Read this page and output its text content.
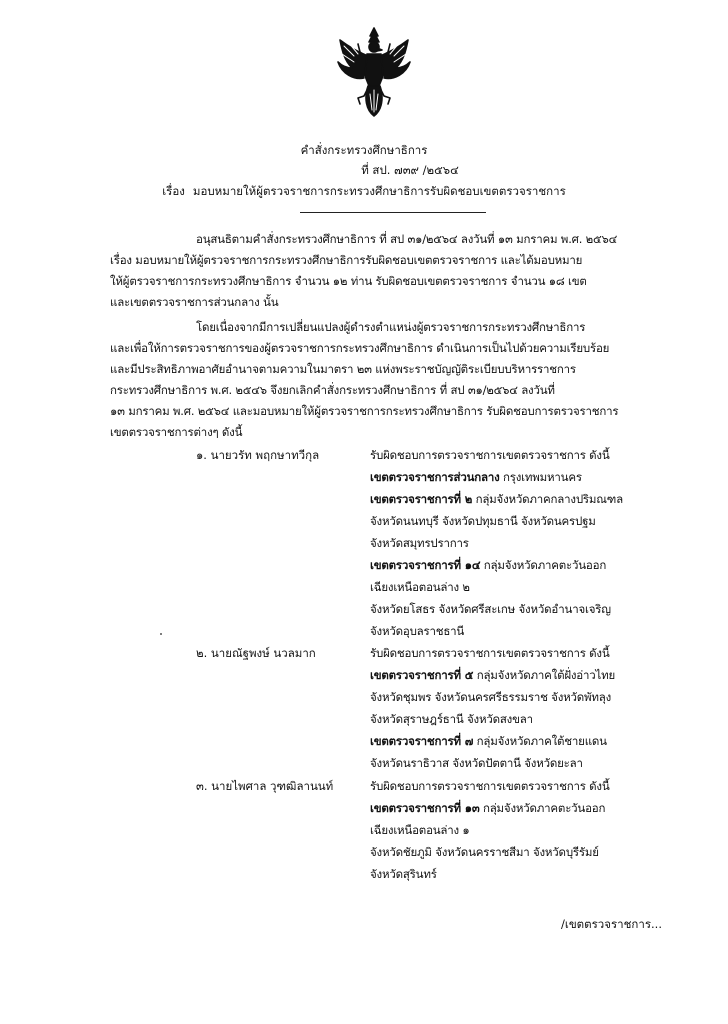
คำสั่งกระทรวงศึกษาธิการ
ที่ สป. ๗๓๙ /๒๕๖๔
เรื่อง มอบหมายให้ผู้ตรวจราชการกระทรวงศึกษาธิการรับผิดชอบเขตตรวจราชการ
อนุสนธิตามคำสั่งกระทรวงศึกษาธิการ ที่ สป ๓๑/๒๕๖๔ ลงวันที่ ๑๓ มกราคม พ.ศ. ๒๕๖๔
เรื่อง มอบหมายให้ผู้ตรวจราชการกระทรวงศึกษาธิการรับผิดชอบเขตตรวจราชการ และได้มอบหมาย
ให้ผู้ตรวจราชการกระทรวงศึกษาธิการ จำนวน ๑๒ ท่าน รับผิดชอบเขตตรวจราชการ จำนวน ๑๘ เขต
และเขตตรวจราชการส่วนกลาง นั้น
โดยเนื่องจากมีการเปลี่ยนแปลงผู้ดำรงตำแหน่งผู้ตรวจราชการกระทรวงศึกษาธิการ
และเพื่อให้การตรวจราชการของผู้ตรวจราชการกระทรวงศึกษาธิการ ดำเนินการเป็นไปด้วยความเรียบร้อย
และมีประสิทธิภาพอาศัยอำนาจตามความในมาตรา ๒๓ แห่งพระราชบัญญัติระเบียบบริหารราชการ
กระทรวงศึกษาธิการ พ.ศ. ๒๕๔๖ จึงยกเลิกคำสั่งกระทรวงศึกษาธิการ ที่ สป ๓๑/๒๕๖๔ ลงวันที่
๑๓ มกราคม พ.ศ. ๒๕๖๔ และมอบหมายให้ผู้ตรวจราชการกระทรวงศึกษาธิการ รับผิดชอบการตรวจราชการ
เขตตรวจราชการต่างๆ ดังนี้
๑. นายวรัท พฤกษาทวีกุล	รับผิดชอบการตรวจราชการเขตตรวจราชการ ดังนี้
เขตตรวจราชการส่วนกลาง กรุงเทพมหานคร
เขตตรวจราชการที่ ๒ กลุ่มจังหวัดภาคกลางปริมณฑล
จังหวัดนนทบุรี จังหวัดปทุมธานี จังหวัดนครปฐม
จังหวัดสมุทรปราการ
เขตตรวจราชการที่ ๑๔ กลุ่มจังหวัดภาคตะวันออก
เฉียงเหนือตอนล่าง ๒
จังหวัดยโสธร จังหวัดศรีสะเกษ จังหวัดอำนาจเจริญ
จังหวัดอุบลราชธานี
๒. นายณัฐพงษ์ นวลมาก	รับผิดชอบการตรวจราชการเขตตรวจราชการ ดังนี้
เขตตรวจราชการที่ ๕ กลุ่มจังหวัดภาคใต้ฝั่งอ่าวไทย
จังหวัดชุมพร จังหวัดนครศรีธรรมราช จังหวัดพัทลุง
จังหวัดสุราษฎร์ธานี จังหวัดสงขลา
เขตตรวจราชการที่ ๗ กลุ่มจังหวัดภาคใต้ชายแดน
จังหวัดนราธิวาส จังหวัดปัตตานี จังหวัดยะลา
๓. นายไพศาล วุฑฒิลานนท์	รับผิดชอบการตรวจราชการเขตตรวจราชการ ดังนี้
เขตตรวจราชการที่ ๑๓ กลุ่มจังหวัดภาคตะวันออก
เฉียงเหนือตอนล่าง ๑
จังหวัดชัยภูมิ จังหวัดนครราชสีมา จังหวัดบุรีรัมย์
จังหวัดสุรินทร์
/เขตตรวจราชการ...
